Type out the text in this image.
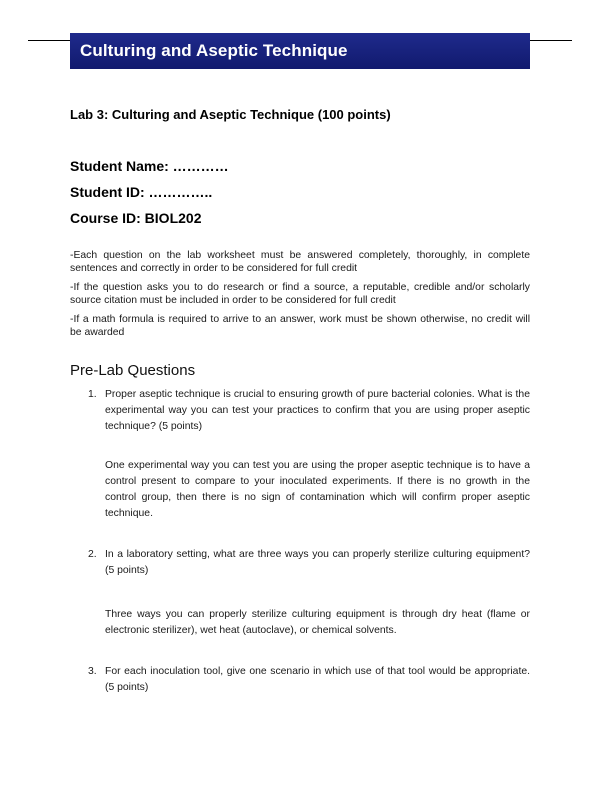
Culturing and Aseptic Technique
Lab 3: Culturing and Aseptic Technique (100 points)
Student Name: …………
Student ID: …………..
Course ID: BIOL202

-Each question on the lab worksheet must be answered completely, thoroughly, in complete sentences and correctly in order to be considered for full credit

-If the question asks you to do research or find a source, a reputable, credible and/or scholarly source citation must be included in order to be considered for full credit

-If a math formula is required to arrive to an answer, work must be shown otherwise, no credit will be awarded

Pre-Lab Questions
1. Proper aseptic technique is crucial to ensuring growth of pure bacterial colonies. What is the experimental way you can test your practices to confirm that you are using proper aseptic technique? (5 points)
One experimental way you can test you are using the proper aseptic technique is to have a control present to compare to your inoculated experiments. If there is no growth in the control group, then there is no sign of contamination which will confirm proper aseptic technique.
2. In a laboratory setting, what are three ways you can properly sterilize culturing equipment? (5 points)
Three ways you can properly sterilize culturing equipment is through dry heat (flame or electronic sterilizer), wet heat (autoclave), or chemical solvents.
3. For each inoculation tool, give one scenario in which use of that tool would be appropriate. (5 points)
